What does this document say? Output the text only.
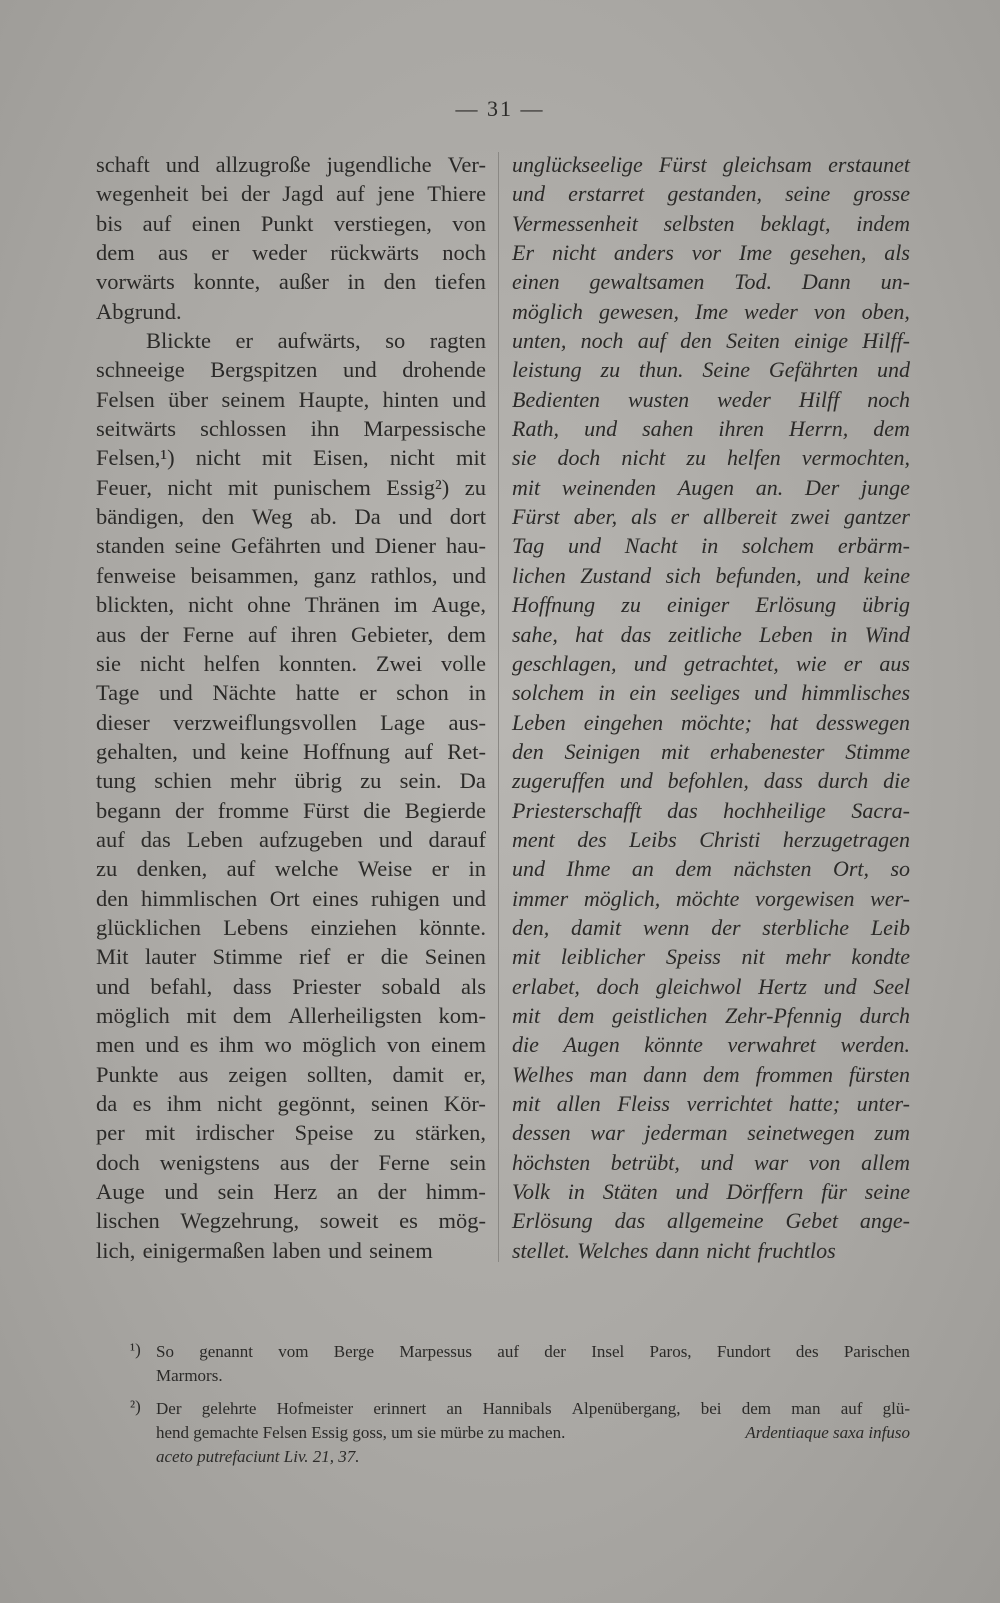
— 31 —
schaft und allzugroße jugendliche Ver-
wegenheit bei der Jagd auf jene Thiere
bis auf einen Punkt verstiegen, von
dem aus er weder rückwärts noch
vorwärts konnte, außer in den tiefen
Abgrund.
Blickte er aufwärts, so ragten
schneeige Bergspitzen und drohende
Felsen über seinem Haupte, hinten und
seitwärts schlossen ihn Marpessische
Felsen,¹) nicht mit Eisen, nicht mit
Feuer, nicht mit punischem Essig²) zu
bändigen, den Weg ab. Da und dort
standen seine Gefährten und Diener hau-
fenweise beisammen, ganz rathlos, und
blickten, nicht ohne Thränen im Auge,
aus der Ferne auf ihren Gebieter, dem
sie nicht helfen konnten. Zwei volle
Tage und Nächte hatte er schon in
dieser verzweiflungsvollen Lage aus-
gehalten, und keine Hoffnung auf Ret-
tung schien mehr übrig zu sein. Da
begann der fromme Fürst die Begierde
auf das Leben aufzugeben und darauf
zu denken, auf welche Weise er in
den himmlischen Ort eines ruhigen und
glücklichen Lebens einziehen könnte.
Mit lauter Stimme rief er die Seinen
und befahl, dass Priester sobald als
möglich mit dem Allerheiligsten kom-
men und es ihm wo möglich von einem
Punkte aus zeigen sollten, damit er,
da es ihm nicht gegönnt, seinen Kör-
per mit irdischer Speise zu stärken,
doch wenigstens aus der Ferne sein
Auge und sein Herz an der himm-
lischen Wegzehrung, soweit es mög-
lich, einigermaßen laben und seinem
unglückseelige Fürst gleichsam erstaunet
und erstarret gestanden, seine grosse
Vermessenheit selbsten beklagt, indem
Er nicht anders vor Ime gesehen, als
einen gewaltsamen Tod. Dann un-
möglich gewesen, Ime weder von oben,
unten, noch auf den Seiten einige Hilff-
leistung zu thun. Seine Gefährten und
Bedienten wusten weder Hilff noch
Rath, und sahen ihren Herrn, dem
sie doch nicht zu helfen vermochten,
mit weinenden Augen an. Der junge
Fürst aber, als er allbereit zwei gantzer
Tag und Nacht in solchem erbärm-
lichen Zustand sich befunden, und keine
Hoffnung zu einiger Erlösung übrig
sahe, hat das zeitliche Leben in Wind
geschlagen, und getrachtet, wie er aus
solchem in ein seeliges und himmlisches
Leben eingehen möchte; hat desswegen
den Seinigen mit erhabenester Stimme
zugeruffen und befohlen, dass durch die
Priesterschafft das hochheilige Sacra-
ment des Leibs Christi herzugetragen
und Ihme an dem nächsten Ort, so
immer möglich, möchte vorgewisen wer-
den, damit wenn der sterbliche Leib
mit leiblicher Speiss nit mehr kondte
erlabet, doch gleichwol Hertz und Seel
mit dem geistlichen Zehr-Pfennig durch
die Augen könnte verwahret werden.
Welhes man dann dem frommen fürsten
mit allen Fleiss verrichtet hatte; unter-
dessen war jederman seinetwegen zum
höchsten betrübt, und war von allem
Volk in Stäten und Dörffern für seine
Erlösung das allgemeine Gebet ange-
stellet. Welches dann nicht fruchtlos
¹) So genannt vom Berge Marpessus auf der Insel Paros, Fundort des Parischen
Marmors.
²) Der gelehrte Hofmeister erinnert an Hannibals Alpenübergang, bei dem man auf glü-
hend gemachte Felsen Essig goss, um sie mürbe zu machen.	Ardentiaque saxa infuso
aceto putrefaciunt Liv. 21, 37.
